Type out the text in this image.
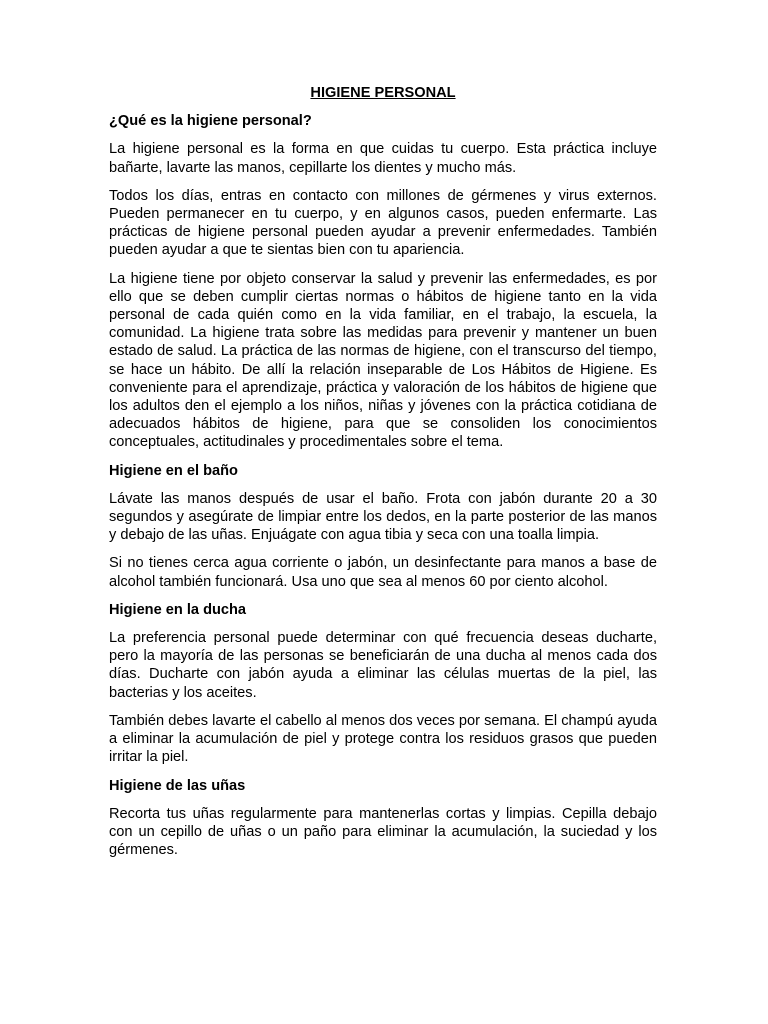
HIGIENE PERSONAL
¿Qué es la higiene personal?

La higiene personal es la forma en que cuidas tu cuerpo. Esta práctica incluye bañarte, lavarte las manos, cepillarte los dientes y mucho más.

Todos los días, entras en contacto con millones de gérmenes y virus externos. Pueden permanecer en tu cuerpo, y en algunos casos, pueden enfermarte. Las prácticas de higiene personal pueden ayudar a prevenir enfermedades. También pueden ayudar a que te sientas bien con tu apariencia.

La higiene tiene por objeto conservar la salud y prevenir las enfermedades, es por ello que se deben cumplir ciertas normas o hábitos de higiene tanto en la vida personal de cada quién como en la vida familiar, en el trabajo, la escuela, la comunidad. La higiene trata sobre las medidas para prevenir y mantener un buen estado de salud. La práctica de las normas de higiene, con el transcurso del tiempo, se hace un hábito. De allí la relación inseparable de Los Hábitos de Higiene. Es conveniente para el aprendizaje, práctica y valoración de los hábitos de higiene que los adultos den el ejemplo a los niños, niñas y jóvenes con la práctica cotidiana de adecuados hábitos de higiene, para que se consoliden los conocimientos conceptuales, actitudinales y procedimentales sobre el tema.

Higiene en el baño

Lávate las manos después de usar el baño. Frota con jabón durante 20 a 30 segundos y asegúrate de limpiar entre los dedos, en la parte posterior de las manos y debajo de las uñas. Enjuágate con agua tibia y seca con una toalla limpia.

Si no tienes cerca agua corriente o jabón, un desinfectante para manos a base de alcohol también funcionará. Usa uno que sea al menos 60 por ciento alcohol.

Higiene en la ducha

La preferencia personal puede determinar con qué frecuencia deseas ducharte, pero la mayoría de las personas se beneficiarán de una ducha al menos cada dos días. Ducharte con jabón ayuda a eliminar las células muertas de la piel, las bacterias y los aceites.

También debes lavarte el cabello al menos dos veces por semana. El champú ayuda a eliminar la acumulación de piel y protege contra los residuos grasos que pueden irritar la piel.

Higiene de las uñas

Recorta tus uñas regularmente para mantenerlas cortas y limpias. Cepilla debajo con un cepillo de uñas o un paño para eliminar la acumulación, la suciedad y los gérmenes.
